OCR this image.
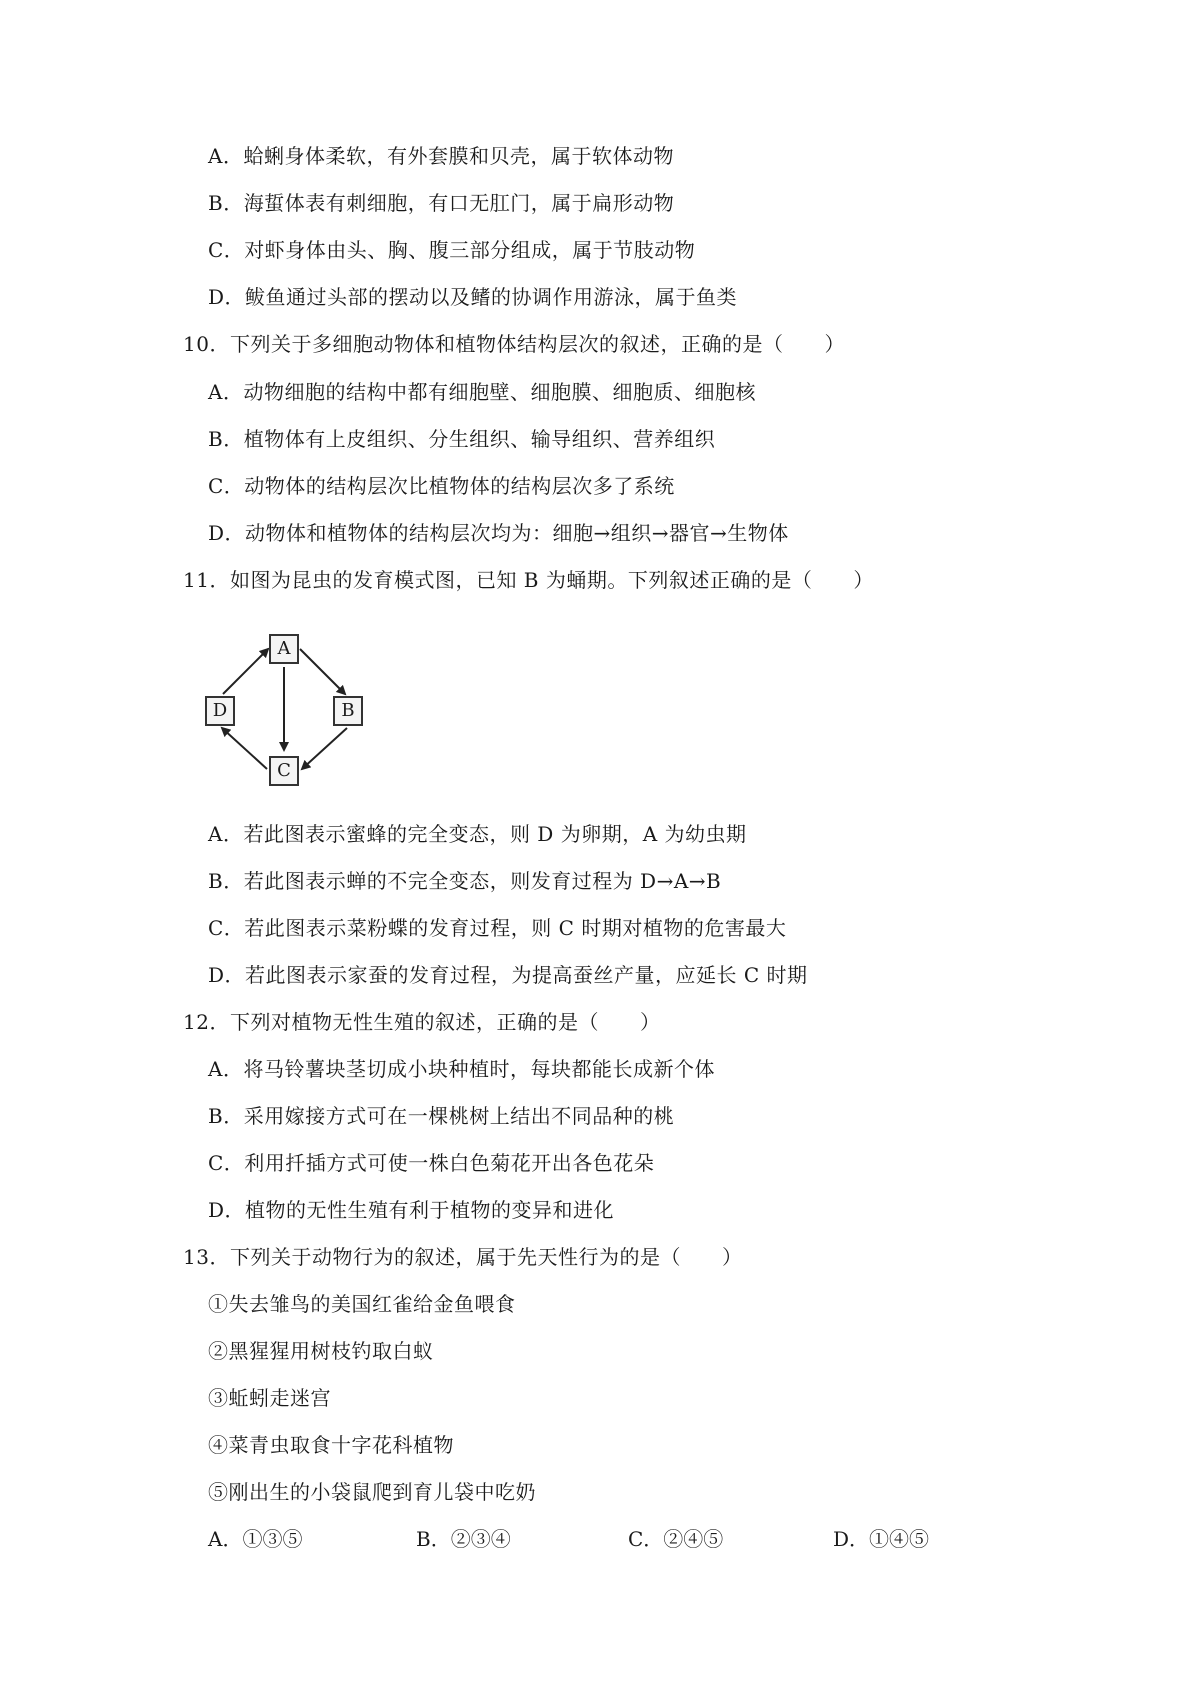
A．蛤蜊身体柔软，有外套膜和贝壳，属于软体动物
B．海蜇体表有刺细胞，有口无肛门，属于扁形动物
C．对虾身体由头、胸、腹三部分组成，属于节肢动物
D．鲅鱼通过头部的摆动以及鳍的协调作用游泳，属于鱼类
10．下列关于多细胞动物体和植物体结构层次的叙述，正确的是（　　）
A．动物细胞的结构中都有细胞壁、细胞膜、细胞质、细胞核
B．植物体有上皮组织、分生组织、输导组织、营养组织
C．动物体的结构层次比植物体的结构层次多了系统
D．动物体和植物体的结构层次均为：细胞→组织→器官→生物体
11．如图为昆虫的发育模式图，已知 B 为蛹期。下列叙述正确的是（　　）
A
B
C
D
A．若此图表示蜜蜂的完全变态，则 D 为卵期，A 为幼虫期
B．若此图表示蝉的不完全变态，则发育过程为 D→A→B
C．若此图表示菜粉蝶的发育过程，则 C 时期对植物的危害最大
D．若此图表示家蚕的发育过程，为提高蚕丝产量，应延长 C 时期
12．下列对植物无性生殖的叙述，正确的是（　　）
A．将马铃薯块茎切成小块种植时，每块都能长成新个体
B．采用嫁接方式可在一棵桃树上结出不同品种的桃
C．利用扦插方式可使一株白色菊花开出各色花朵
D．植物的无性生殖有利于植物的变异和进化
13．下列关于动物行为的叙述，属于先天性行为的是（　　）
①失去雏鸟的美国红雀给金鱼喂食
②黑猩猩用树枝钓取白蚁
③蚯蚓走迷宫
④菜青虫取食十字花科植物
⑤刚出生的小袋鼠爬到育儿袋中吃奶
A．①③⑤	B．②③④	C．②④⑤	D．①④⑤
